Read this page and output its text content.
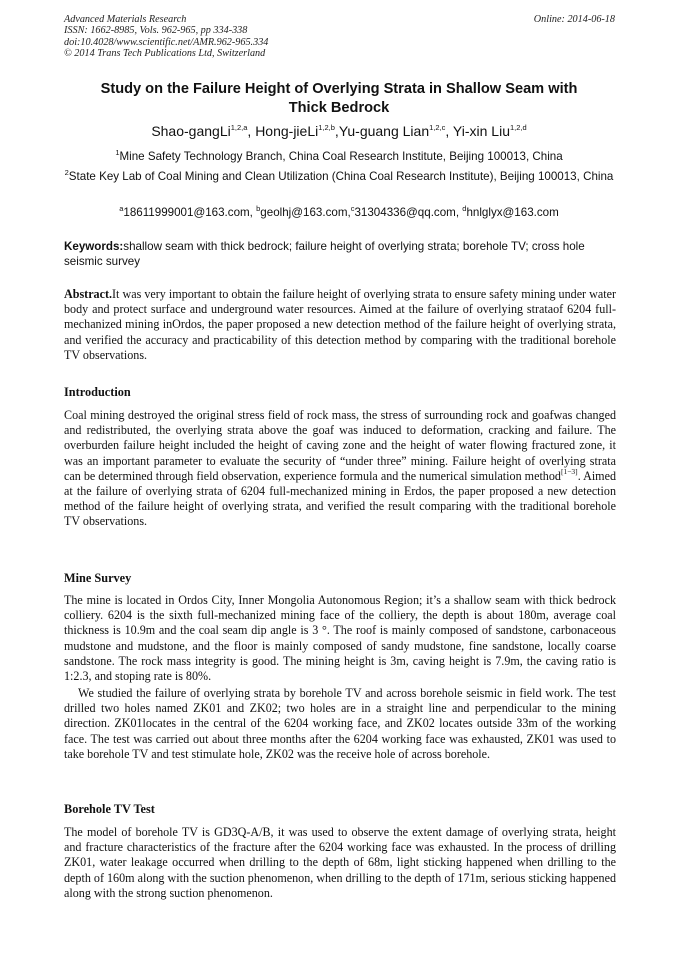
Advanced Materials Research
ISSN: 1662-8985, Vols. 962-965, pp 334-338
doi:10.4028/www.scientific.net/AMR.962-965.334
© 2014 Trans Tech Publications Ltd, Switzerland
Online: 2014-06-18
Study on the Failure Height of Overlying Strata in Shallow Seam with
Thick Bedrock
Shao-gangLi$^{1,2,a}$, Hong-jieLi$^{1,2,b}$,Yu-guang Lian$^{1,2,c}$, Yi-xin Liu$^{1,2,d}$
$^1$Mine Safety Technology Branch, China Coal Research Institute, Beijing 100013, China
$^2$State Key Lab of Coal Mining and Clean Utilization (China Coal Research Institute), Beijing 100013, China
$^a$18611999001@163.com, $^b$geolhj@163.com,$^c$31304336@qq.com, $^d$hnlglyx@163.com
Keywords:shallow seam with thick bedrock; failure height of overlying strata; borehole TV; cross hole seismic survey

Abstract.It was very important to obtain the failure height of overlying strata to ensure safety mining under water body and protect surface and underground water resources. Aimed at the failure of overlying strataof 6204 full-mechanized mining inOrdos, the paper proposed a new detection method of the failure height of overlying strata, and verified the accuracy and practicability of this detection method by comparing with the traditional borehole TV observations.

Introduction

Coal mining destroyed the original stress field of rock mass, the stress of surrounding rock and goafwas changed and redistributed, the overlying strata above the goaf was induced to deformation, cracking and failure. The overburden failure height included the height of caving zone and the height of water flowing fractured zone, it was an important parameter to evaluate the security of “under three” mining. Failure height of overlying strata can be determined through field observation, experience formula and the numerical simulation method[1−3]. Aimed at the failure of overlying strata of 6204 full-mechanized mining in Erdos, the paper proposed a new detection method of the failure height of overlying strata, and verified the result comparing with the traditional borehole TV observations.

Mine Survey

The mine is located in Ordos City, Inner Mongolia Autonomous Region; it’s a shallow seam with thick bedrock colliery. 6204 is the sixth full-mechanized mining face of the colliery, the depth is about 180m, average coal thickness is 10.9m and the coal seam dip angle is 3 °. The roof is mainly composed of sandstone, carbonaceous mudstone and mudstone, and the floor is mainly composed of sandy mudstone, fine sandstone, locally coarse sandstone. The rock mass integrity is good. The mining height is 3m, caving height is 7.9m, the caving ratio is 1:2.3, and stoping rate is 80%.

We studied the failure of overlying strata by borehole TV and across borehole seismic in field work. The test drilled two holes named ZK01 and ZK02; two holes are in a straight line and perpendicular to the mining direction. ZK01locates in the central of the 6204 working face, and ZK02 locates outside 33m of the working face. The test was carried out about three months after the 6204 working face was exhausted, ZK01 was used to take borehole TV and test stimulate hole, ZK02 was the receive hole of across borehole.

Borehole TV Test

The model of borehole TV is GD3Q-A/B, it was used to observe the extent damage of overlying strata, height and fracture characteristics of the fracture after the 6204 working face was exhausted. In the process of drilling ZK01, water leakage occurred when drilling to the depth of 68m, light sticking happened when drilling to the depth of 160m along with the suction phenomenon, when drilling to the depth of 171m, serious sticking happened along with the strong suction phenomenon.
